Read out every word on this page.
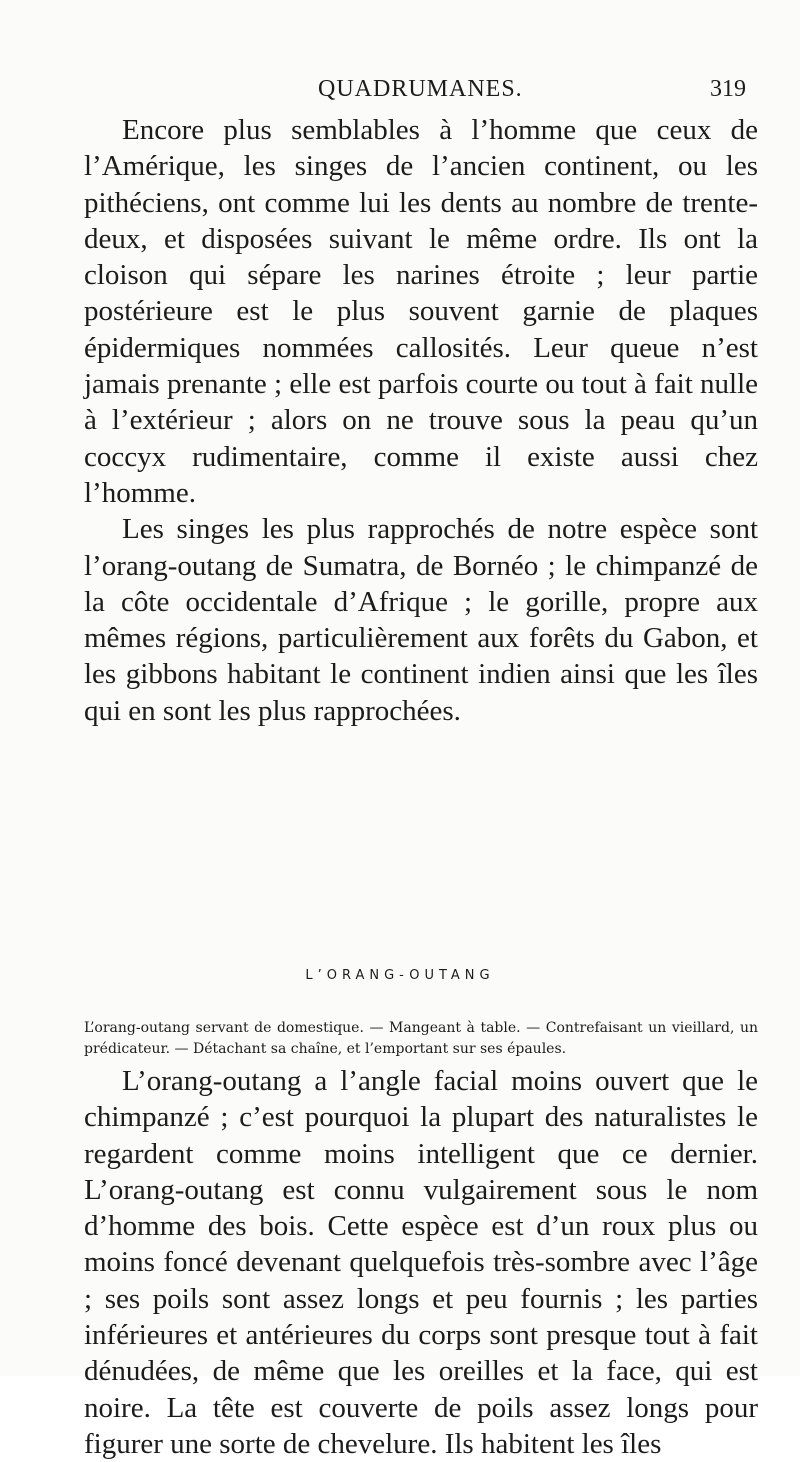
QUADRUMANES.	319

Encore plus semblables à l’homme que ceux de l’Amérique, les singes de l’ancien continent, ou les pithéciens, ont comme lui les dents au nombre de trente-deux, et disposées suivant le même ordre. Ils ont la cloison qui sépare les narines étroite ; leur partie postérieure est le plus souvent garnie de plaques épidermiques nommées callosités. Leur queue n’est jamais prenante ; elle est parfois courte ou tout à fait nulle à l’extérieur ; alors on ne trouve sous la peau qu’un coccyx rudimentaire, comme il existe aussi chez l’homme.

Les singes les plus rapprochés de notre espèce sont l’orang-outang de Sumatra, de Bornéo ; le chimpanzé de la côte occidentale d’Afrique ; le gorille, propre aux mêmes régions, particulièrement aux forêts du Gabon, et les gibbons habitant le continent indien ainsi que les îles qui en sont les plus rapprochées.

L’ORANG-OUTANG
L’orang-outang servant de domestique. — Mangeant à table. — Contrefaisant un vieillard, un prédicateur. — Détachant sa chaîne, et l’emportant sur ses épaules.

L’orang-outang a l’angle facial moins ouvert que le chimpanzé ; c’est pourquoi la plupart des naturalistes le regardent comme moins intelligent que ce dernier. L’orang-outang est connu vulgairement sous le nom d’homme des bois. Cette espèce est d’un roux plus ou moins foncé devenant quelquefois très-sombre avec l’âge ; ses poils sont assez longs et peu fournis ; les parties inférieures et antérieures du corps sont presque tout à fait dénudées, de même que les oreilles et la face, qui est noire. La tête est couverte de poils assez longs pour figurer une sorte de chevelure. Ils habitent les îles
